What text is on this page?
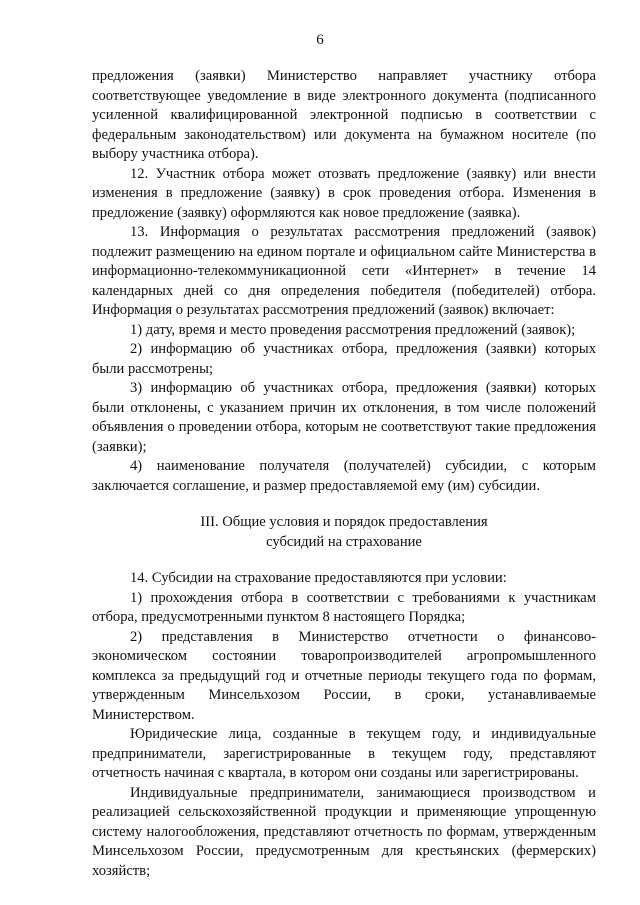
6

предложения (заявки) Министерство направляет участнику отбора соответствующее уведомление в виде электронного документа (подписанного усиленной квалифицированной электронной подписью в соответствии с федеральным законодательством) или документа на бумажном носителе (по выбору участника отбора).

12. Участник отбора может отозвать предложение (заявку) или внести изменения в предложение (заявку) в срок проведения отбора. Изменения в предложение (заявку) оформляются как новое предложение (заявка).

13. Информация о результатах рассмотрения предложений (заявок) подлежит размещению на едином портале и официальном сайте Министерства в информационно-телекоммуникационной сети «Интернет» в течение 14 календарных дней со дня определения победителя (победителей) отбора. Информация о результатах рассмотрения предложений (заявок) включает:

1) дату, время и место проведения рассмотрения предложений (заявок);

2) информацию об участниках отбора, предложения (заявки) которых были рассмотрены;

3) информацию об участниках отбора, предложения (заявки) которых были отклонены, с указанием причин их отклонения, в том числе положений объявления о проведении отбора, которым не соответствуют такие предложения (заявки);

4) наименование получателя (получателей) субсидии, с которым заключается соглашение, и размер предоставляемой ему (им) субсидии.

III. Общие условия и порядок предоставления

субсидий на страхование

14. Субсидии на страхование предоставляются при условии:

1) прохождения отбора в соответствии с требованиями к участникам отбора, предусмотренными пунктом 8 настоящего Порядка;

2) представления в Министерство отчетности о финансово-экономическом состоянии товаропроизводителей агропромышленного комплекса за предыдущий год и отчетные периоды текущего года по формам, утвержденным Минсельхозом России, в сроки, устанавливаемые Министерством.

Юридические лица, созданные в текущем году, и индивидуальные предприниматели, зарегистрированные в текущем году, представляют отчетность начиная с квартала, в котором они созданы или зарегистрированы.

Индивидуальные предприниматели, занимающиеся производством и реализацией сельскохозяйственной продукции и применяющие упрощенную систему налогообложения, представляют отчетность по формам, утвержденным Минсельхозом России, предусмотренным для крестьянских (фермерских) хозяйств;
